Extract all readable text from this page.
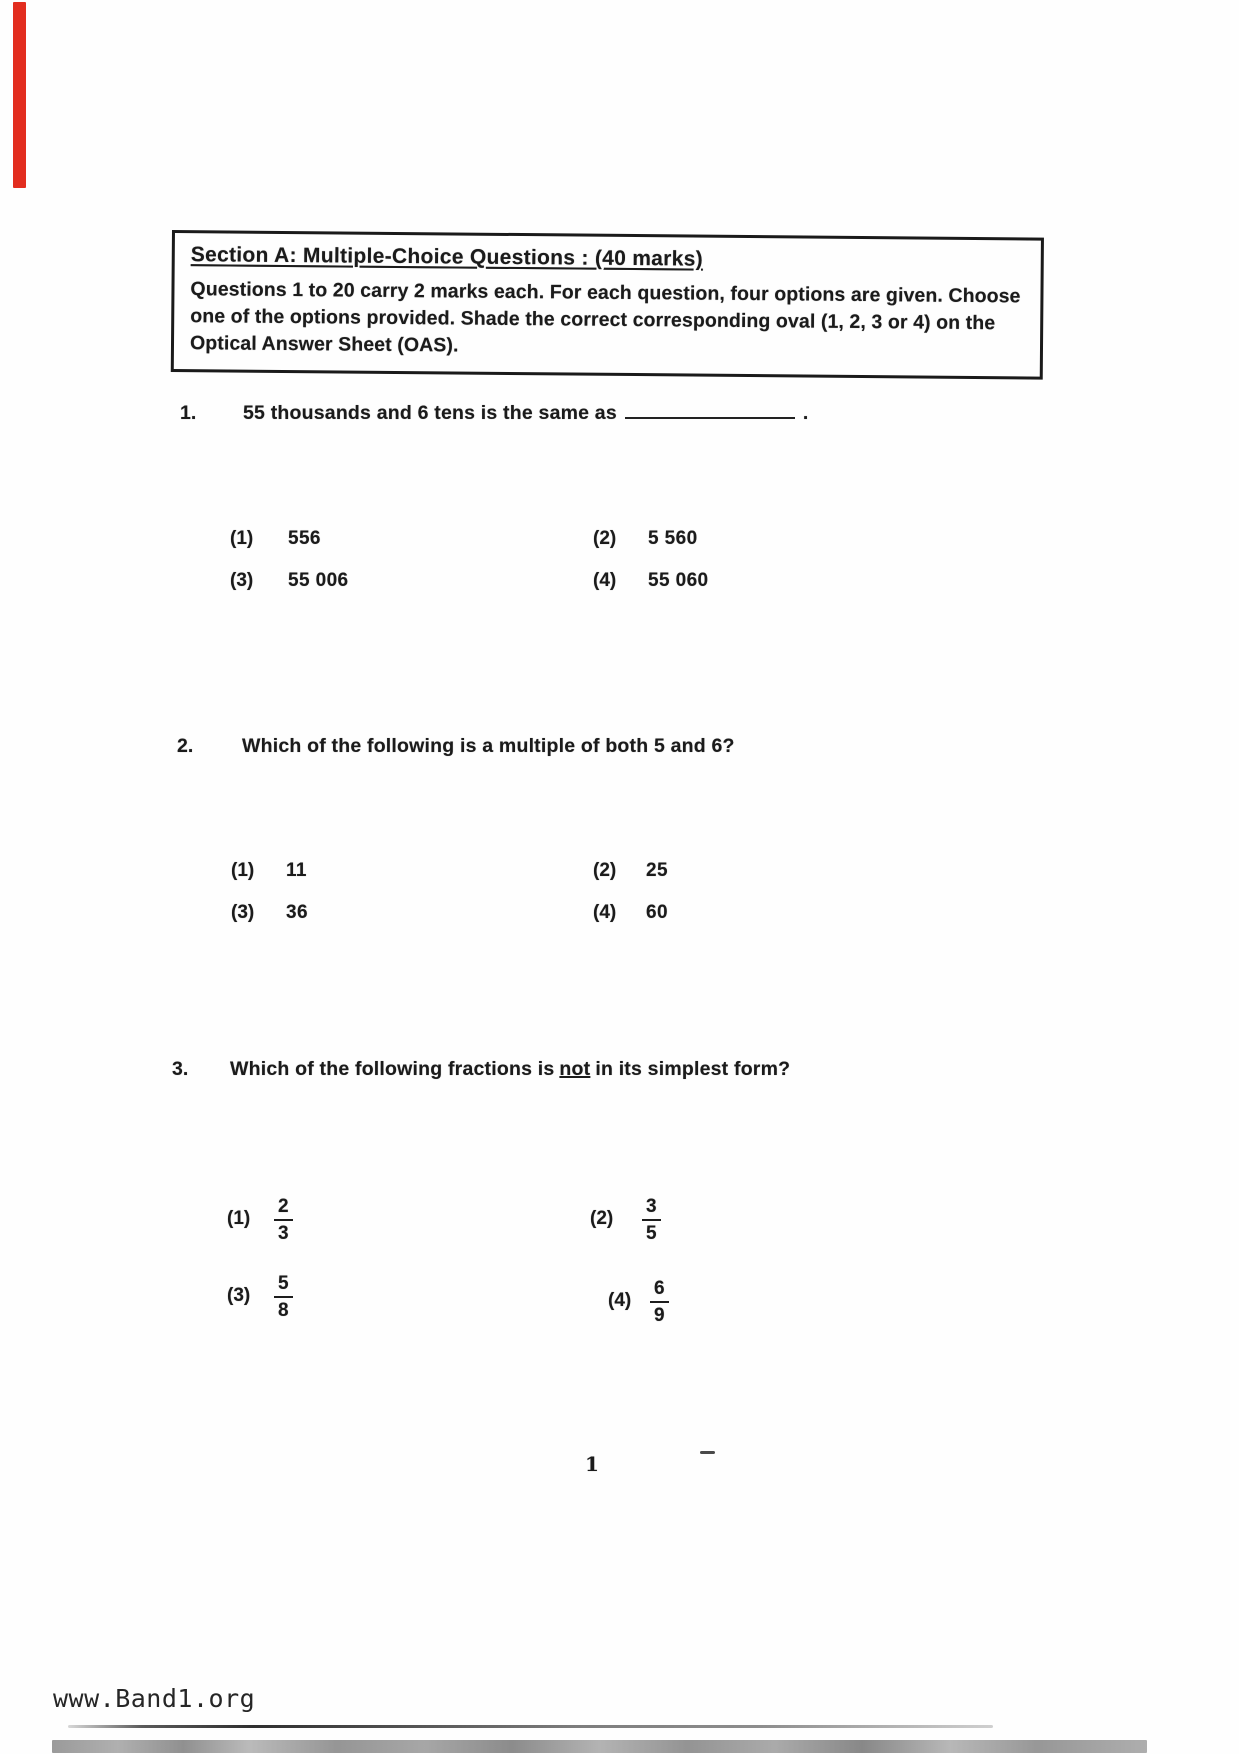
Section A: Multiple-Choice Questions : (40 marks)
Questions 1 to 20 carry 2 marks each. For each question, four options are given. Choose
one of the options provided. Shade the correct corresponding oval (1, 2, 3 or 4) on the
Optical Answer Sheet (OAS).
1. 55 thousands and 6 tens is the same as	.
(1) 556	(2) 5 560
(3) 55 006	(4) 55 060
2. Which of the following is a multiple of both 5 and 6?
(1) 11	(2) 25
(3) 36	(4) 60
3. Which of the following fractions is not in its simplest form?
$(1) \frac{2}{3}$	$(2) \frac{3}{5}$
$(3) \frac{5}{8}$	$(4) \frac{6}{9}$
1
www.Band1.org
